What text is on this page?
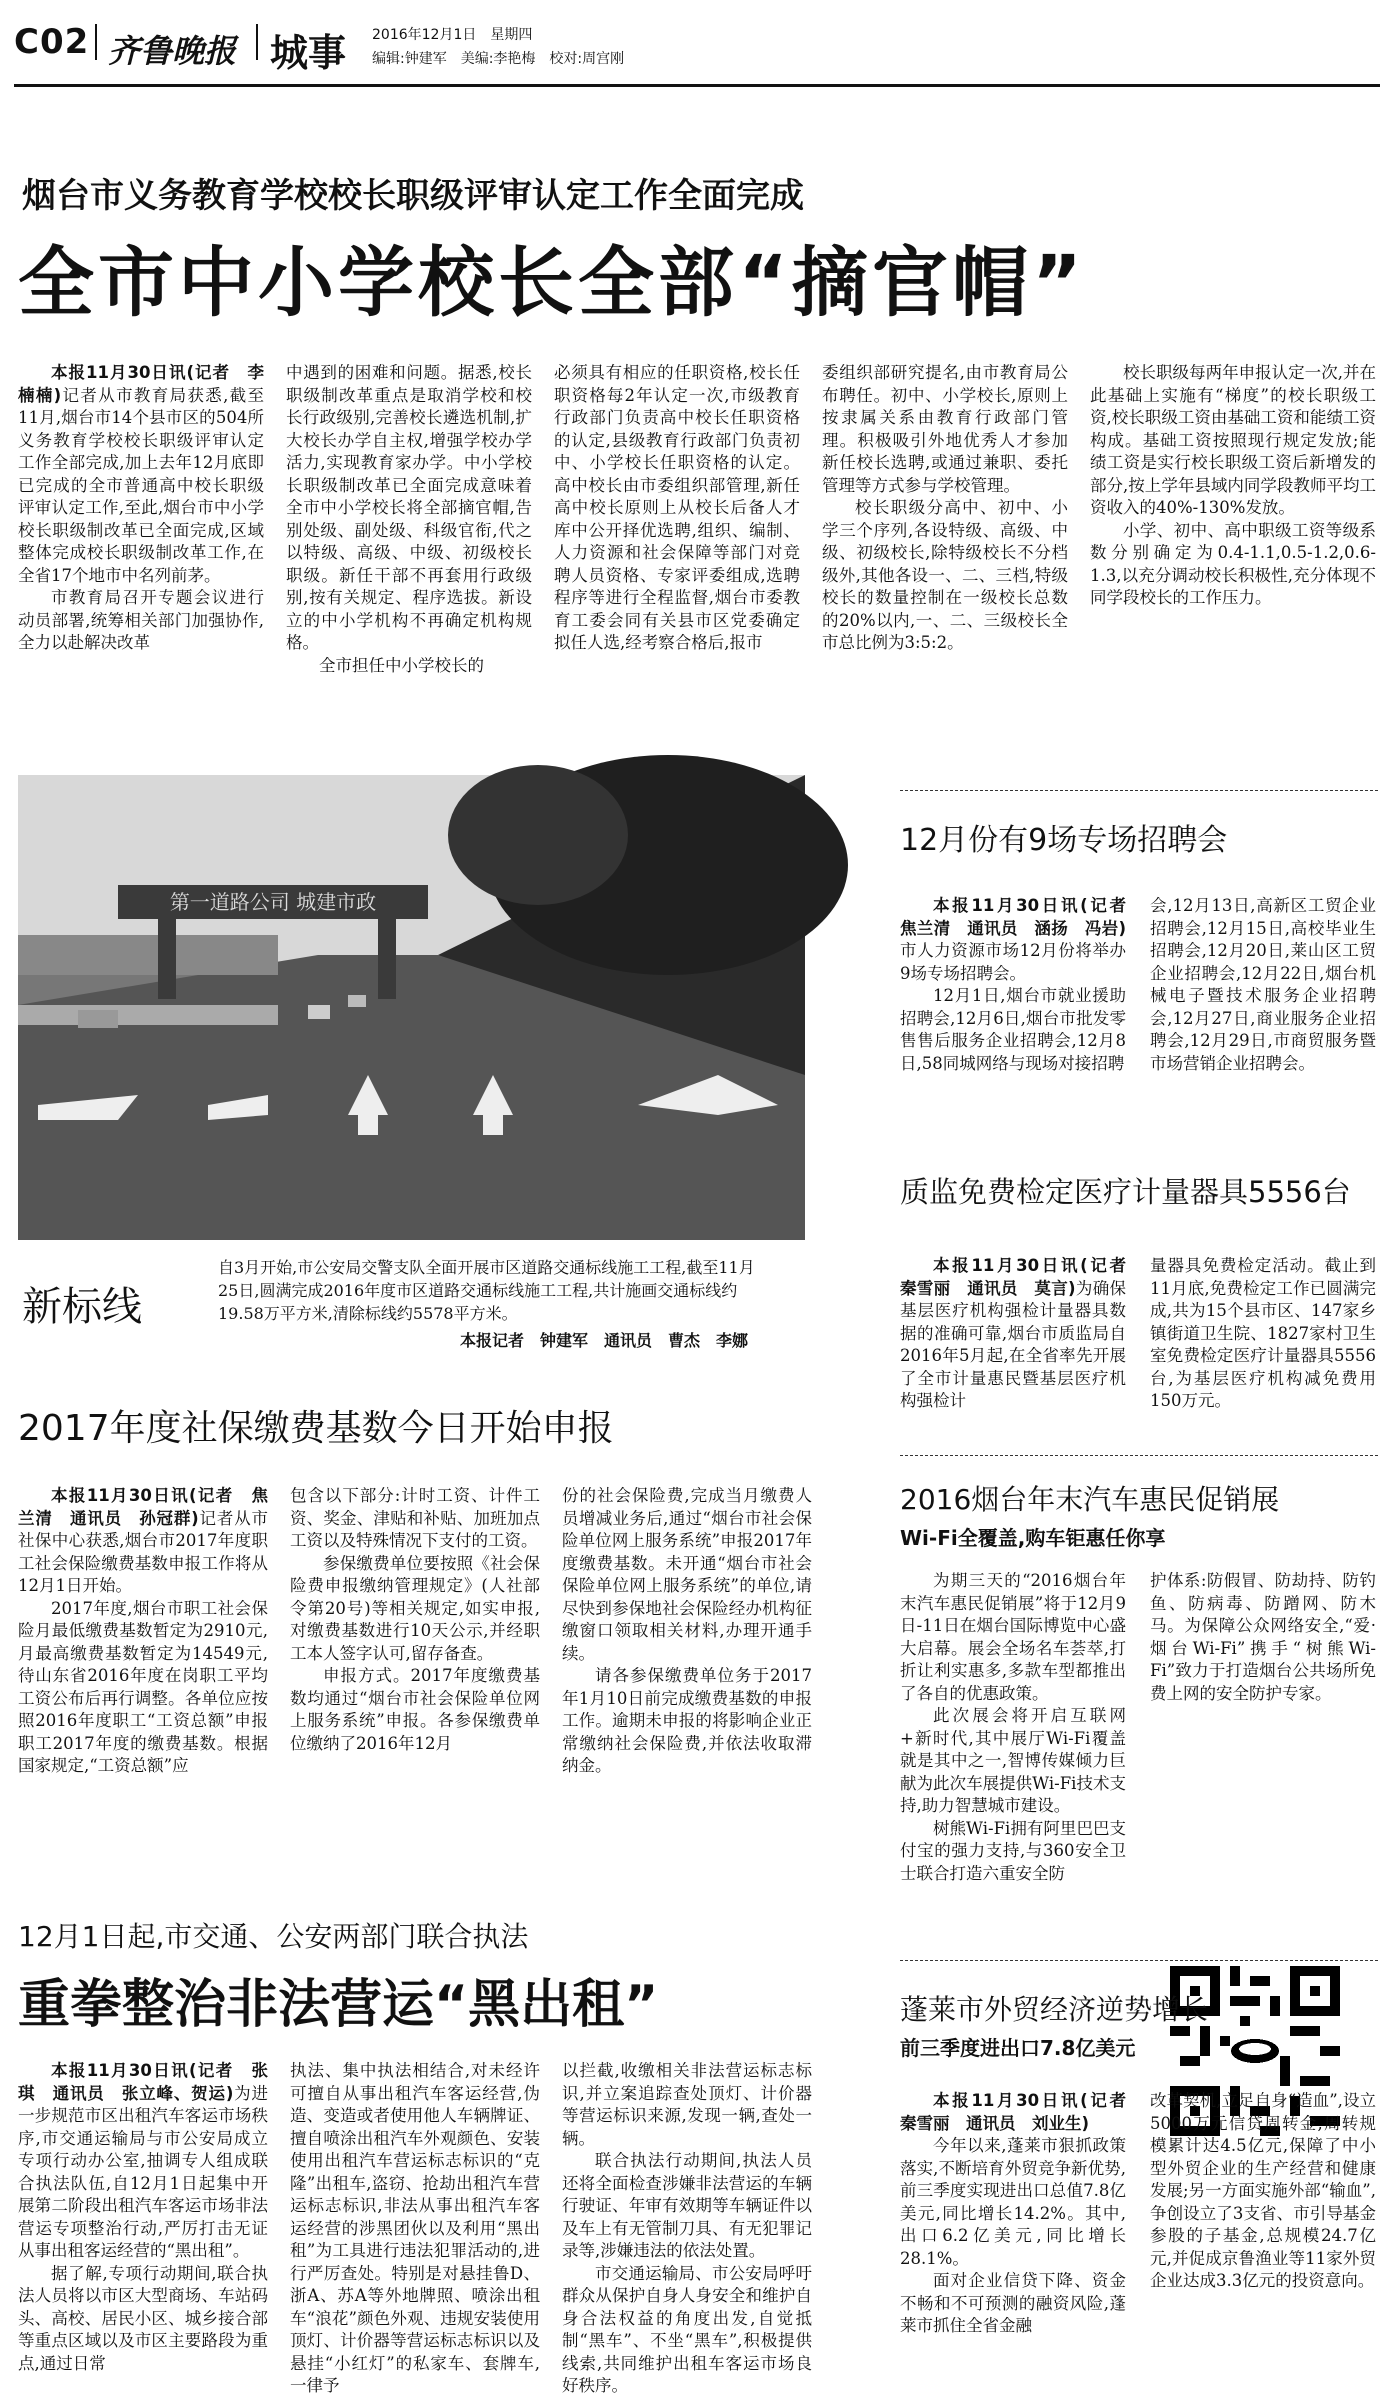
C02 齐鲁晚报 城事 2016年12月1日　星期四
编辑:钟建军　美编:李艳梅　校对:周宫刚
烟台市义务教育学校校长职级评审认定工作全面完成
全市中小学校长全部“摘官帽”

本报11月30日讯(记者　李楠楠)记者从市教育局获悉,截至11月,烟台市14个县市区的504所义务教育学校校长职级评审认定工作全部完成,加上去年12月底即已完成的全市普通高中校长职级评审认定工作,至此,烟台市中小学校长职级制改革已全面完成,区域整体完成校长职级制改革工作,在全省17个地市中名列前茅。

市教育局召开专题会议进行动员部署,统筹相关部门加强协作,全力以赴解决改革

中遇到的困难和问题。据悉,校长职级制改革重点是取消学校和校长行政级别,完善校长遴选机制,扩大校长办学自主权,增强学校办学活力,实现教育家办学。中小学校长职级制改革已全面完成意味着全市中小学校长将全部摘官帽,告别处级、副处级、科级官衔,代之以特级、高级、中级、初级校长职级。新任干部不再套用行政级别,按有关规定、程序选拔。新设立的中小学机构不再确定机构规格。

全市担任中小学校长的

必须具有相应的任职资格,校长任职资格每2年认定一次,市级教育行政部门负责高中校长任职资格的认定,县级教育行政部门负责初中、小学校长任职资格的认定。高中校长由市委组织部管理,新任高中校长原则上从校长后备人才库中公开择优选聘,组织、编制、人力资源和社会保障等部门对竞聘人员资格、专家评委组成,选聘程序等进行全程监督,烟台市委教育工委会同有关县市区党委确定拟任人选,经考察合格后,报市

委组织部研究提名,由市教育局公布聘任。初中、小学校长,原则上按隶属关系由教育行政部门管理。积极吸引外地优秀人才参加新任校长选聘,或通过兼职、委托管理等方式参与学校管理。

校长职级分高中、初中、小学三个序列,各设特级、高级、中级、初级校长,除特级校长不分档级外,其他各设一、二、三档,特级校长的数量控制在一级校长总数的20%以内,一、二、三级校长全市总比例为3:5:2。

校长职级每两年申报认定一次,并在此基础上实施有“梯度”的校长职级工资,校长职级工资由基础工资和能绩工资构成。基础工资按照现行规定发放;能绩工资是实行校长职级工资后新增发的部分,按上学年县域内同学段教师平均工资收入的40%-130%发放。

小学、初中、高中职级工资等级系数分别确定为0.4-1.1,0.5-1.2,0.6-1.3,以充分调动校长积极性,充分体现不同学段校长的工作压力。

第一道路公司 城建市政
新标线
自3月开始,市公安局交警支队全面开展市区道路交通标线施工工程,截至11月25日,圆满完成2016年度市区道路交通标线施工工程,共计施画交通标线约19.58万平方米,清除标线约5578平方米。
本报记者　钟建军　通讯员　曹杰　李娜
12月份有9场专场招聘会

本报11月30日讯(记者　焦兰清　通讯员　涵扬　冯岩)市人力资源市场12月份将举办9场专场招聘会。

12月1日,烟台市就业援助招聘会,12月6日,烟台市批发零售售后服务企业招聘会,12月8日,58同城网络与现场对接招聘

会,12月13日,高新区工贸企业招聘会,12月15日,高校毕业生招聘会,12月20日,莱山区工贸企业招聘会,12月22日,烟台机械电子暨技术服务企业招聘会,12月27日,商业服务企业招聘会,12月29日,市商贸服务暨市场营销企业招聘会。

质监免费检定医疗计量器具5556台

本报11月30日讯(记者　秦雪丽　通讯员　莫言)为确保基层医疗机构强检计量器具数据的准确可靠,烟台市质监局自2016年5月起,在全省率先开展了全市计量惠民暨基层医疗机构强检计

量器具免费检定活动。截止到11月底,免费检定工作已圆满完成,共为15个县市区、147家乡镇街道卫生院、1827家村卫生室免费检定医疗计量器具5556台,为基层医疗机构减免费用150万元。

2017年度社保缴费基数今日开始申报

本报11月30日讯(记者　焦兰清　通讯员　孙冠群)记者从市社保中心获悉,烟台市2017年度职工社会保险缴费基数申报工作将从12月1日开始。

2017年度,烟台市职工社会保险月最低缴费基数暂定为2910元,月最高缴费基数暂定为14549元,待山东省2016年度在岗职工平均工资公布后再行调整。各单位应按照2016年度职工“工资总额”申报职工2017年度的缴费基数。根据国家规定,“工资总额”应

包含以下部分:计时工资、计件工资、奖金、津贴和补贴、加班加点工资以及特殊情况下支付的工资。

参保缴费单位要按照《社会保险费申报缴纳管理规定》(人社部令第20号)等相关规定,如实申报,对缴费基数进行10天公示,并经职工本人签字认可,留存备查。

申报方式。2017年度缴费基数均通过“烟台市社会保险单位网上服务系统”申报。各参保缴费单位缴纳了2016年12月

份的社会保险费,完成当月缴费人员增减业务后,通过“烟台市社会保险单位网上服务系统”申报2017年度缴费基数。未开通“烟台市社会保险单位网上服务系统”的单位,请尽快到参保地社会保险经办机构征缴窗口领取相关材料,办理开通手续。

请各参保缴费单位务于2017年1月10日前完成缴费基数的申报工作。逾期未申报的将影响企业正常缴纳社会保险费,并依法收取滞纳金。

2016烟台年末汽车惠民促销展
Wi-Fi全覆盖,购车钜惠任你享

为期三天的“2016烟台年末汽车惠民促销展”将于12月9日-11日在烟台国际博览中心盛大启幕。展会全场名车荟萃,打折让利实惠多,多款车型都推出了各自的优惠政策。

此次展会将开启互联网+新时代,其中展厅Wi-Fi覆盖就是其中之一,智博传媒倾力巨献为此次车展提供Wi-Fi技术支持,助力智慧城市建设。

树熊Wi-Fi拥有阿里巴巴支付宝的强力支持,与360安全卫士联合打造六重安全防

护体系:防假冒、防劫持、防钓鱼、防病毒、防蹭网、防木马。为保障公众网络安全,“爱·烟台Wi-Fi”携手“树熊Wi-Fi”致力于打造烟台公共场所免费上网的安全防护专家。

12月1日起,市交通、公安两部门联合执法
重拳整治非法营运“黑出租”

本报11月30日讯(记者　张琪　通讯员　张立峰、贺运)为进一步规范市区出租汽车客运市场秩序,市交通运输局与市公安局成立专项行动办公室,抽调专人组成联合执法队伍,自12月1日起集中开展第二阶段出租汽车客运市场非法营运专项整治行动,严厉打击无证从事出租客运经营的“黑出租”。

据了解,专项行动期间,联合执法人员将以市区大型商场、车站码头、高校、居民小区、城乡接合部等重点区域以及市区主要路段为重点,通过日常

执法、集中执法相结合,对未经许可擅自从事出租汽车客运经营,伪造、变造或者使用他人车辆牌证、擅自喷涂出租汽车外观颜色、安装使用出租汽车营运标志标识的“克隆”出租车,盗窃、抢劫出租汽车营运标志标识,非法从事出租汽车客运经营的涉黑团伙以及利用“黑出租”为工具进行违法犯罪活动的,进行严厉查处。特别是对悬挂鲁D、浙A、苏A等外地牌照、喷涂出租车“浪花”颜色外观、违规安装使用顶灯、计价器等营运标志标识以及悬挂“小红灯”的私家车、套牌车,一律予

以拦截,收缴相关非法营运标志标识,并立案追踪查处顶灯、计价器等营运标识来源,发现一辆,查处一辆。

联合执法行动期间,执法人员还将全面检查涉嫌非法营运的车辆行驶证、年审有效期等车辆证件以及车上有无管制刀具、有无犯罪记录等,涉嫌违法的依法处置。

市交通运输局、市公安局呼吁群众从保护自身人身安全和维护自身合法权益的角度出发,自觉抵制“黑车”、不坐“黑车”,积极提供线索,共同维护出租车客运市场良好秩序。

蓬莱市外贸经济逆势增长
前三季度进出口7.8亿美元

本报11月30日讯(记者　秦雪丽　通讯员　刘业生)

今年以来,蓬莱市狠抓政策落实,不断培育外贸竞争新优势,前三季度实现进出口总值7.8亿美元,同比增长14.2%。其中,出口6.2亿美元,同比增长28.1%。

面对企业信贷下降、资金不畅和不可预测的融资风险,蓬莱市抓住全省金融

改革契机,立足自身“造血”,设立5000万元信贷周转金,周转规模累计达4.5亿元,保障了中小型外贸企业的生产经营和健康发展;另一方面实施外部“输血”,争创设立了3支省、市引导基金参股的子基金,总规模24.7亿元,并促成京鲁渔业等11家外贸企业达成3.3亿元的投资意向。
